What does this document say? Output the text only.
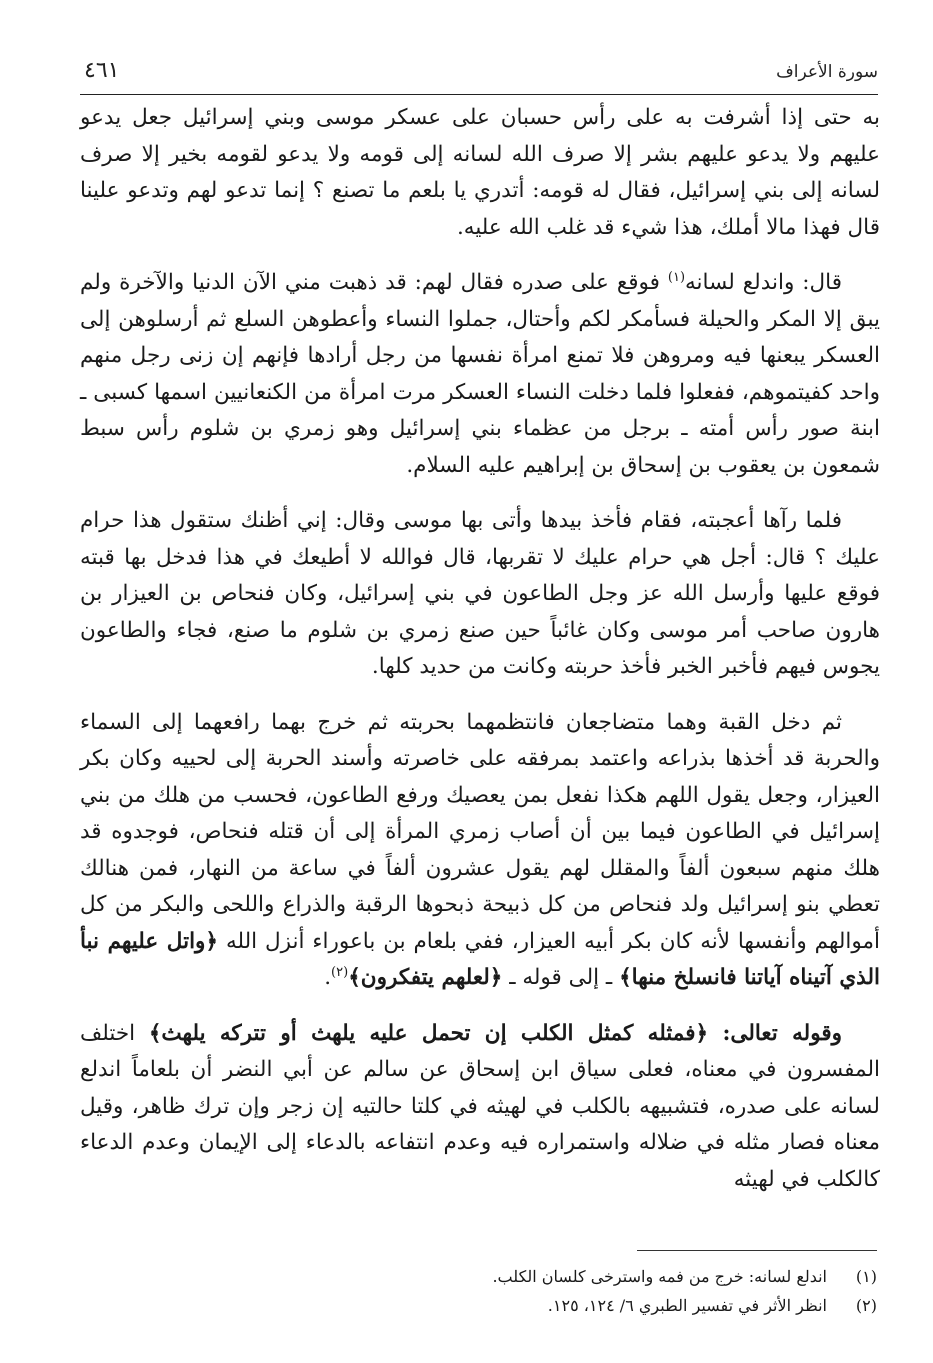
سورة الأعراف
٤٦١

به حتى إذا أشرفت به على رأس حسبان على عسكر موسى وبني إسرائيل جعل يدعو عليهم ولا يدعو عليهم بشر إلا صرف الله لسانه إلى قومه ولا يدعو لقومه بخير إلا صرف لسانه إلى بني إسرائيل، فقال له قومه: أتدري يا بلعم ما تصنع ؟ إنما تدعو لهم وتدعو علينا قال فهذا مالا أملك، هذا شيء قد غلب الله عليه.

قال: واندلع لسانه$^{(١)}$ فوقع على صدره فقال لهم: قد ذهبت مني الآن الدنيا والآخرة ولم يبق إلا المكر والحيلة فسأمكر لكم وأحتال، جملوا النساء وأعطوهن السلع ثم أرسلوهن إلى العسكر يبعنها فيه ومروهن فلا تمنع امرأة نفسها من رجل أرادها فإنهم إن زنى رجل منهم واحد كفيتموهم، ففعلوا فلما دخلت النساء العسكر مرت امرأة من الكنعانيين اسمها كسبى ـ ابنة صور رأس أمته ـ برجل من عظماء بني إسرائيل وهو زمري بن شلوم رأس سبط شمعون بن يعقوب بن إسحاق بن إبراهيم عليه السلام.

فلما رآها أعجبته، فقام فأخذ بيدها وأتى بها موسى وقال: إني أظنك ستقول هذا حرام عليك ؟ قال: أجل هي حرام عليك لا تقربها، قال فوالله لا أطيعك في هذا فدخل بها قبته فوقع عليها وأرسل الله عز وجل الطاعون في بني إسرائيل، وكان فنحاص بن العيزار بن هارون صاحب أمر موسى وكان غائباً حين صنع زمري بن شلوم ما صنع، فجاء والطاعون يجوس فيهم فأخبر الخبر فأخذ حربته وكانت من حديد كلها.

ثم دخل القبة وهما متضاجعان فانتظمهما بحربته ثم خرج بهما رافعهما إلى السماء والحربة قد أخذها بذراعه واعتمد بمرفقه على خاصرته وأسند الحربة إلى لحييه وكان بكر العيزار، وجعل يقول اللهم هكذا نفعل بمن يعصيك ورفع الطاعون، فحسب من هلك من بني إسرائيل في الطاعون فيما بين أن أصاب زمري المرأة إلى أن قتله فنحاص، فوجدوه قد هلك منهم سبعون ألفاً والمقلل لهم يقول عشرون ألفاً في ساعة من النهار، فمن هنالك تعطي بنو إسرائيل ولد فنحاص من كل ذبيحة ذبحوها الرقبة والذراع واللحى والبكر من كل أموالهم وأنفسها لأنه كان بكر أبيه العيزار، ففي بلعام بن باعوراء أنزل الله ﴿واتل عليهم نبأ الذي آتيناه آياتنا فانسلخ منها﴾ ـ إلى قوله ـ ﴿لعلهم يتفكرون﴾$^{(٢)}$.

وقوله تعالى: ﴿فمثله كمثل الكلب إن تحمل عليه يلهث أو تتركه يلهث﴾ اختلف المفسرون في معناه، فعلى سياق ابن إسحاق عن سالم عن أبي النضر أن بلعاماً اندلع لسانه على صدره، فتشبيهه بالكلب في لهيثه في كلتا حالتيه إن زجر وإن ترك ظاهر، وقيل معناه فصار مثله في ضلاله واستمراره فيه وعدم انتفاعه بالدعاء إلى الإيمان وعدم الدعاء كالكلب في لهيثه

(١)
اندلع لسانه: خرج من فمه واسترخى كلسان الكلب.
(٢)
انظر الأثر في تفسير الطبري ٦/ ١٢٤، ١٢٥.
